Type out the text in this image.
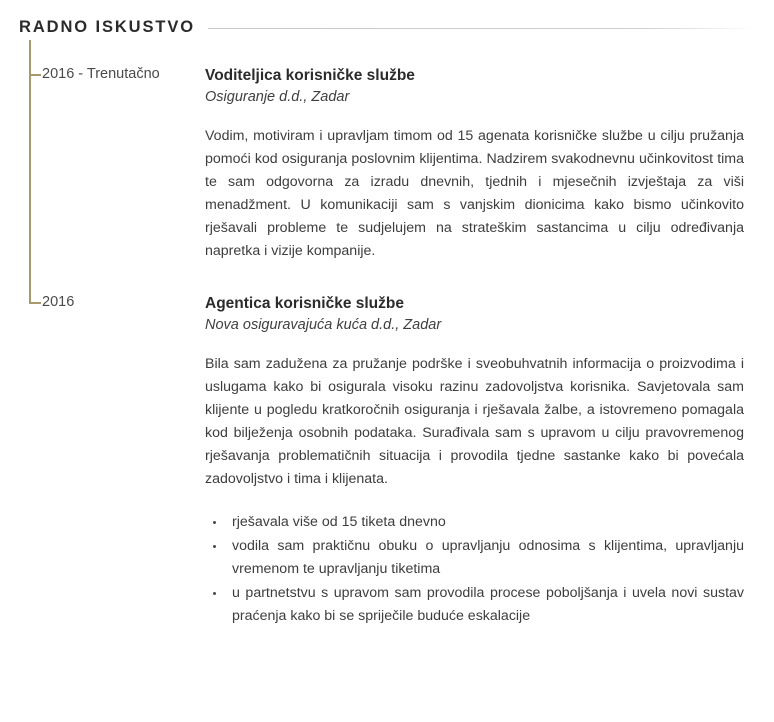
RADNO ISKUSTVO
2016 - Trenutačno	Voditeljica korisničke službe
Osiguranje d.d., Zadar

Vodim, motiviram i upravljam timom od 15 agenata korisničke službe u cilju pružanja pomoći kod osiguranja poslovnim klijentima. Nadzirem svakodnevnu učinkovitost tima te sam odgovorna za izradu dnevnih, tjednih i mjesečnih izvještaja za viši menadžment. U komunikaciji sam s vanjskim dionicima kako bismo učinkovito rješavali probleme te sudjelujem na strateškim sastancima u cilju određivanja napretka i vizije kompanije.

2016	Agentica korisničke službe
Nova osiguravajuća kuća d.d., Zadar

Bila sam zadužena za pružanje podrške i sveobuhvatnih informacija o proizvodima i uslugama kako bi osigurala visoku razinu zadovoljstva korisnika. Savjetovala sam klijente u pogledu kratkoročnih osiguranja i rješavala žalbe, a istovremeno pomagala kod bilježenja osobnih podataka. Surađivala sam s upravom u cilju pravovremenog rješavanja problematičnih situacija i provodila tjedne sastanke kako bi povećala zadovoljstvo i tima i klijenata.

rješavala više od 15 tiketa dnevno
vodila sam praktičnu obuku o upravljanju odnosima s klijentima, upravljanju vremenom te upravljanju tiketima
u partnetstvu s upravom sam provodila procese poboljšanja i uvela novi sustav praćenja kako bi se spriječile buduće eskalacije
